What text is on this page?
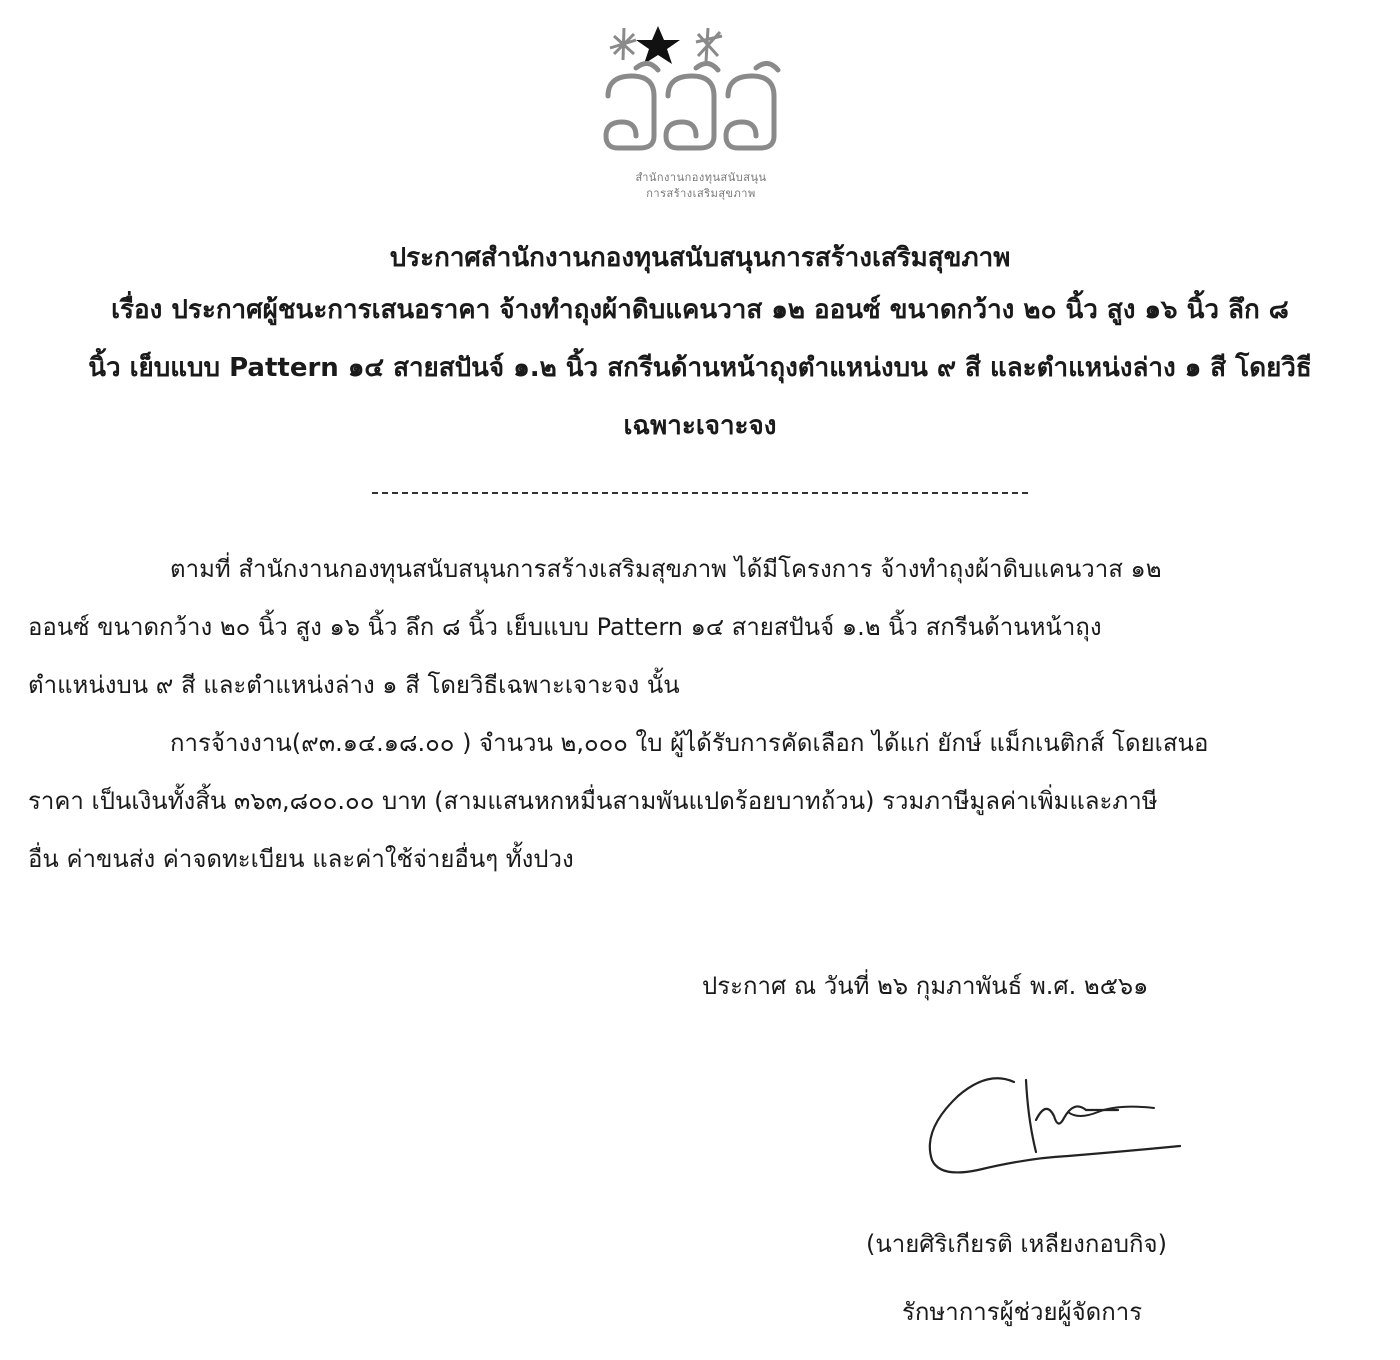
สำนักงานกองทุนสนับสนุน
การสร้างเสริมสุขภาพ
ประกาศสำนักงานกองทุนสนับสนุนการสร้างเสริมสุขภาพ
เรื่อง ประกาศผู้ชนะการเสนอราคา จ้างทำถุงผ้าดิบแคนวาส ๑๒ ออนซ์ ขนาดกว้าง ๒๐ นิ้ว สูง ๑๖ นิ้ว ลึก ๘
นิ้ว เย็บแบบ Pattern ๑๔ สายสปันจ์ ๑.๒ นิ้ว สกรีนด้านหน้าถุงตำแหน่งบน ๙ สี และตำแหน่งล่าง ๑ สี โดยวิธี
เฉพาะเจาะจง
ตามที่ สำนักงานกองทุนสนับสนุนการสร้างเสริมสุขภาพ ได้มีโครงการ จ้างทำถุงผ้าดิบแคนวาส ๑๒
ออนซ์ ขนาดกว้าง ๒๐ นิ้ว สูง ๑๖ นิ้ว ลึก ๘ นิ้ว เย็บแบบ Pattern ๑๔ สายสปันจ์ ๑.๒ นิ้ว สกรีนด้านหน้าถุง
ตำแหน่งบน ๙ สี และตำแหน่งล่าง ๑ สี โดยวิธีเฉพาะเจาะจง นั้น
การจ้างงาน(๙๓.๑๔.๑๘.๐๐ ) จำนวน ๒,๐๐๐ ใบ ผู้ได้รับการคัดเลือก ได้แก่ ยักษ์ แม็กเนติกส์ โดยเสนอ
ราคา เป็นเงินทั้งสิ้น ๓๖๓,๘๐๐.๐๐ บาท (สามแสนหกหมื่นสามพันแปดร้อยบาทถ้วน) รวมภาษีมูลค่าเพิ่มและภาษี
อื่น ค่าขนส่ง ค่าจดทะเบียน และค่าใช้จ่ายอื่นๆ ทั้งปวง
ประกาศ ณ วันที่ ๒๖ กุมภาพันธ์ พ.ศ. ๒๕๖๑
(นายศิริเกียรติ เหลียงกอบกิจ)
รักษาการผู้ช่วยผู้จัดการ
